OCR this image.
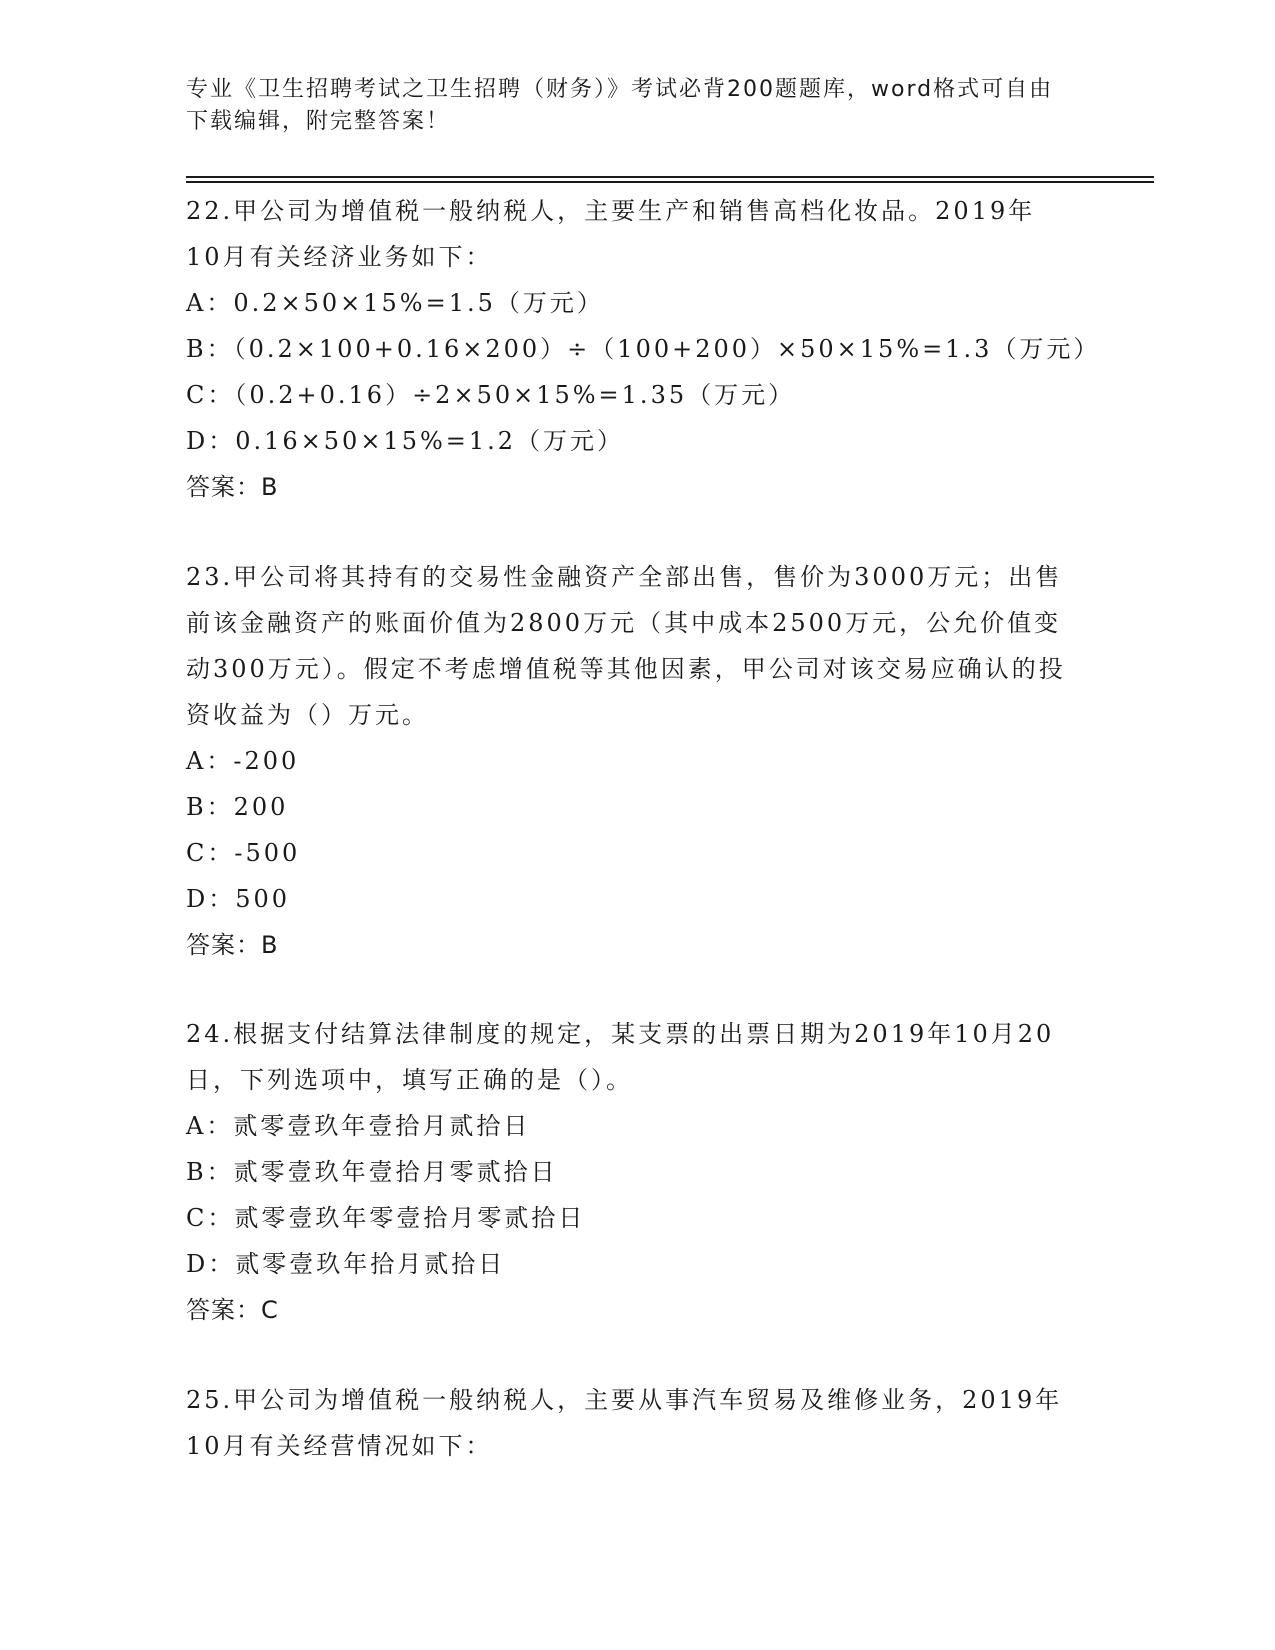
专业《卫生招聘考试之卫生招聘（财务）》考试必背200题题库，word格式可自由下载编辑，附完整答案！
22.甲公司为增值税一般纳税人，主要生产和销售高档化妆品。2019年10月有关经济业务如下：
A：0.2×50×15%=1.5（万元）
B：（0.2×100+0.16×200）÷（100+200）×50×15%=1.3（万元）
C：（0.2+0.16）÷2×50×15%=1.35（万元）
D：0.16×50×15%=1.2（万元）
答案：B
23.甲公司将其持有的交易性金融资产全部出售，售价为3000万元；出售前该金融资产的账面价值为2800万元（其中成本2500万元，公允价值变动300万元）。假定不考虑增值税等其他因素，甲公司对该交易应确认的投资收益为（）万元。
A：-200
B：200
C：-500
D：500
答案：B
24.根据支付结算法律制度的规定，某支票的出票日期为2019年10月20日，下列选项中，填写正确的是（）。
A：贰零壹玖年壹拾月贰拾日
B：贰零壹玖年壹拾月零贰拾日
C：贰零壹玖年零壹拾月零贰拾日
D：贰零壹玖年拾月贰拾日
答案：C
25.甲公司为增值税一般纳税人，主要从事汽车贸易及维修业务，2019年10月有关经营情况如下：
